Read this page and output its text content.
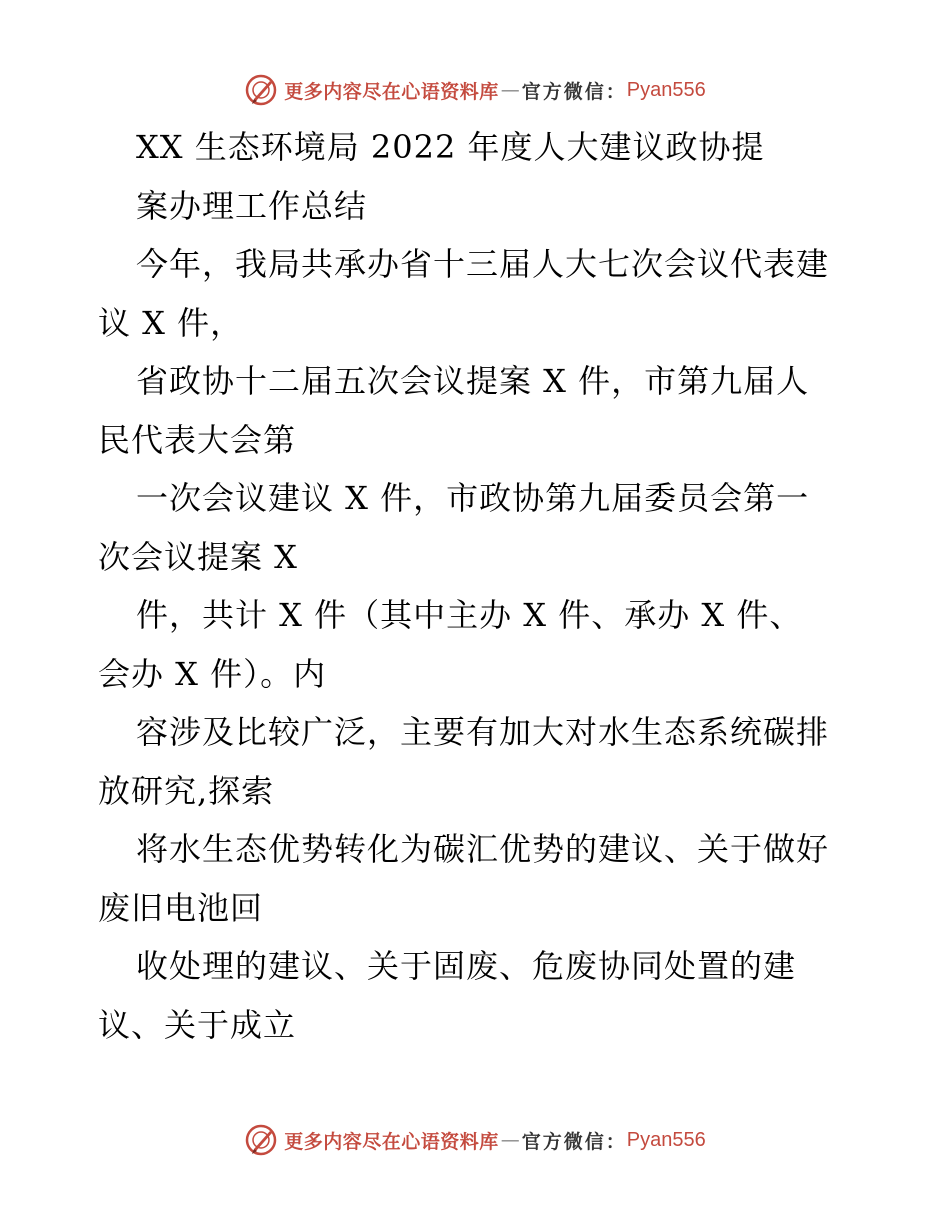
更多内容尽在心语资料库 — 官方微信： Pyan556
XX 生态环境局 2022 年度人大建议政协提
案办理工作总结
今年，我局共承办省十三届人大七次会议代表建
议 X 件，
省政协十二届五次会议提案 X 件，市第九届人
民代表大会第
一次会议建议 X 件，市政协第九届委员会第一
次会议提案 X
件，共计 X 件（其中主办 X 件、承办 X 件、
会办 X 件）。内
容涉及比较广泛，主要有加大对水生态系统碳排
放研究,探索
将水生态优势转化为碳汇优势的建议、关于做好
废旧电池回
收处理的建议、关于固废、危废协同处置的建
议、关于成立
更多内容尽在心语资料库 — 官方微信： Pyan556
